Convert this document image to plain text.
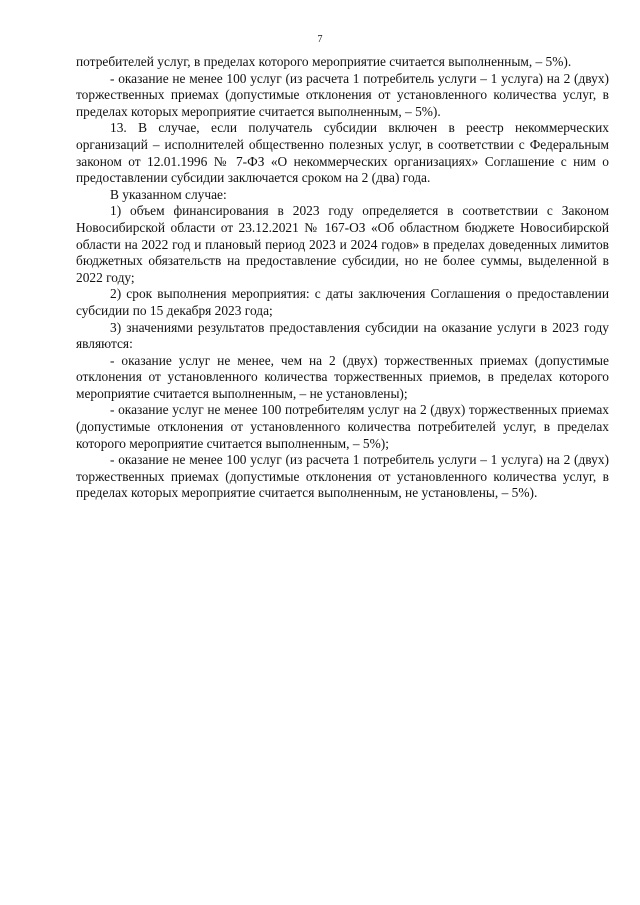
7

потребителей услуг, в пределах которого мероприятие считается выполненным, – 5%).

- оказание не менее 100 услуг (из расчета 1 потребитель услуги – 1 услуга) на 2 (двух) торжественных приемах (допустимые отклонения от установленного количества услуг, в пределах которых мероприятие считается выполненным, – 5%).

13. В случае, если получатель субсидии включен в реестр некоммерческих организаций – исполнителей общественно полезных услуг, в соответствии с Федеральным законом от 12.01.1996 № 7-ФЗ «О некоммерческих организациях» Соглашение с ним о предоставлении субсидии заключается сроком на 2 (два) года.

В указанном случае:

1) объем финансирования в 2023 году определяется в соответствии с Законом Новосибирской области от 23.12.2021 № 167-ОЗ «Об областном бюджете Новосибирской области на 2022 год и плановый период 2023 и 2024 годов» в пределах доведенных лимитов бюджетных обязательств на предоставление субсидии, но не более суммы, выделенной в 2022 году;

2) срок выполнения мероприятия: с даты заключения Соглашения о предоставлении субсидии по 15 декабря 2023 года;

3) значениями результатов предоставления субсидии на оказание услуги в 2023 году являются:

- оказание услуг не менее, чем на 2 (двух) торжественных приемах (допустимые отклонения от установленного количества торжественных приемов, в пределах которого мероприятие считается выполненным, – не установлены);

- оказание услуг не менее 100 потребителям услуг на 2 (двух) торжественных приемах (допустимые отклонения от установленного количества потребителей услуг, в пределах которого мероприятие считается выполненным, – 5%);

- оказание не менее 100 услуг (из расчета 1 потребитель услуги – 1 услуга) на 2 (двух) торжественных приемах (допустимые отклонения от установленного количества услуг, в пределах которых мероприятие считается выполненным, не установлены, – 5%).
